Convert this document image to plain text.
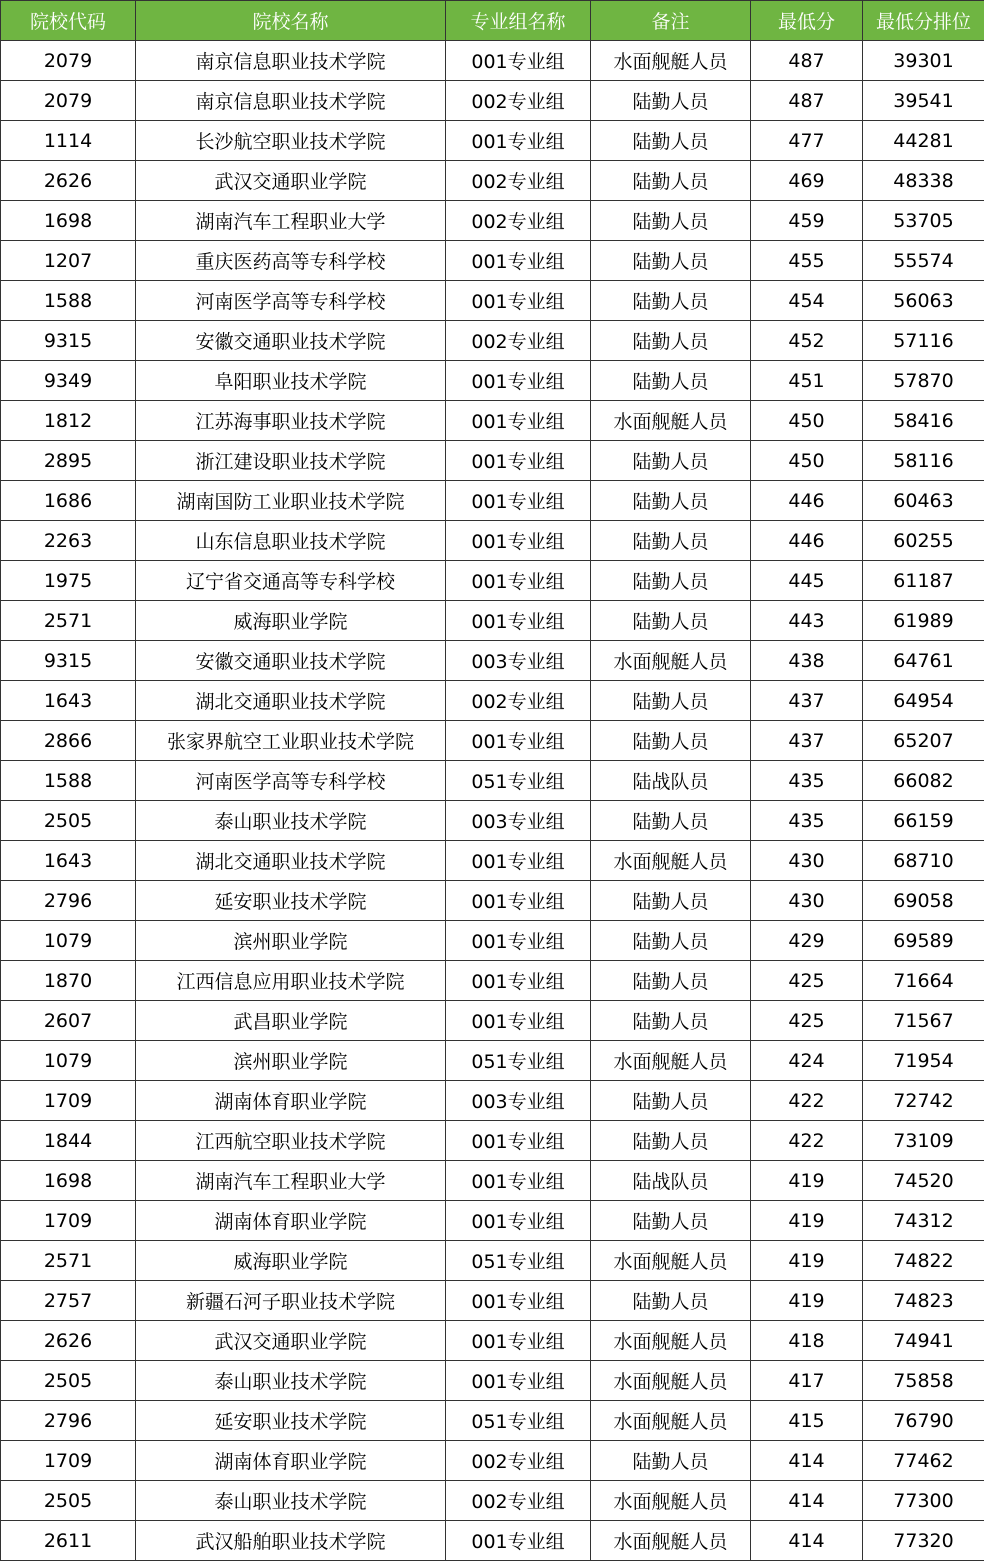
院校代码	院校名称	专业组名称	备注	最低分	最低分排位
2079	南京信息职业技术学院	001专业组	水面舰艇人员	487	39301
2079	南京信息职业技术学院	002专业组	陆勤人员	487	39541
1114	长沙航空职业技术学院	001专业组	陆勤人员	477	44281
2626	武汉交通职业学院	002专业组	陆勤人员	469	48338
1698	湖南汽车工程职业大学	002专业组	陆勤人员	459	53705
1207	重庆医药高等专科学校	001专业组	陆勤人员	455	55574
1588	河南医学高等专科学校	001专业组	陆勤人员	454	56063
9315	安徽交通职业技术学院	002专业组	陆勤人员	452	57116
9349	阜阳职业技术学院	001专业组	陆勤人员	451	57870
1812	江苏海事职业技术学院	001专业组	水面舰艇人员	450	58416
2895	浙江建设职业技术学院	001专业组	陆勤人员	450	58116
1686	湖南国防工业职业技术学院	001专业组	陆勤人员	446	60463
2263	山东信息职业技术学院	001专业组	陆勤人员	446	60255
1975	辽宁省交通高等专科学校	001专业组	陆勤人员	445	61187
2571	威海职业学院	001专业组	陆勤人员	443	61989
9315	安徽交通职业技术学院	003专业组	水面舰艇人员	438	64761
1643	湖北交通职业技术学院	002专业组	陆勤人员	437	64954
2866	张家界航空工业职业技术学院	001专业组	陆勤人员	437	65207
1588	河南医学高等专科学校	051专业组	陆战队员	435	66082
2505	泰山职业技术学院	003专业组	陆勤人员	435	66159
1643	湖北交通职业技术学院	001专业组	水面舰艇人员	430	68710
2796	延安职业技术学院	001专业组	陆勤人员	430	69058
1079	滨州职业学院	001专业组	陆勤人员	429	69589
1870	江西信息应用职业技术学院	001专业组	陆勤人员	425	71664
2607	武昌职业学院	001专业组	陆勤人员	425	71567
1079	滨州职业学院	051专业组	水面舰艇人员	424	71954
1709	湖南体育职业学院	003专业组	陆勤人员	422	72742
1844	江西航空职业技术学院	001专业组	陆勤人员	422	73109
1698	湖南汽车工程职业大学	001专业组	陆战队员	419	74520
1709	湖南体育职业学院	001专业组	陆勤人员	419	74312
2571	威海职业学院	051专业组	水面舰艇人员	419	74822
2757	新疆石河子职业技术学院	001专业组	陆勤人员	419	74823
2626	武汉交通职业学院	001专业组	水面舰艇人员	418	74941
2505	泰山职业技术学院	001专业组	水面舰艇人员	417	75858
2796	延安职业技术学院	051专业组	水面舰艇人员	415	76790
1709	湖南体育职业学院	002专业组	陆勤人员	414	77462
2505	泰山职业技术学院	002专业组	水面舰艇人员	414	77300
2611	武汉船舶职业技术学院	001专业组	水面舰艇人员	414	77320
